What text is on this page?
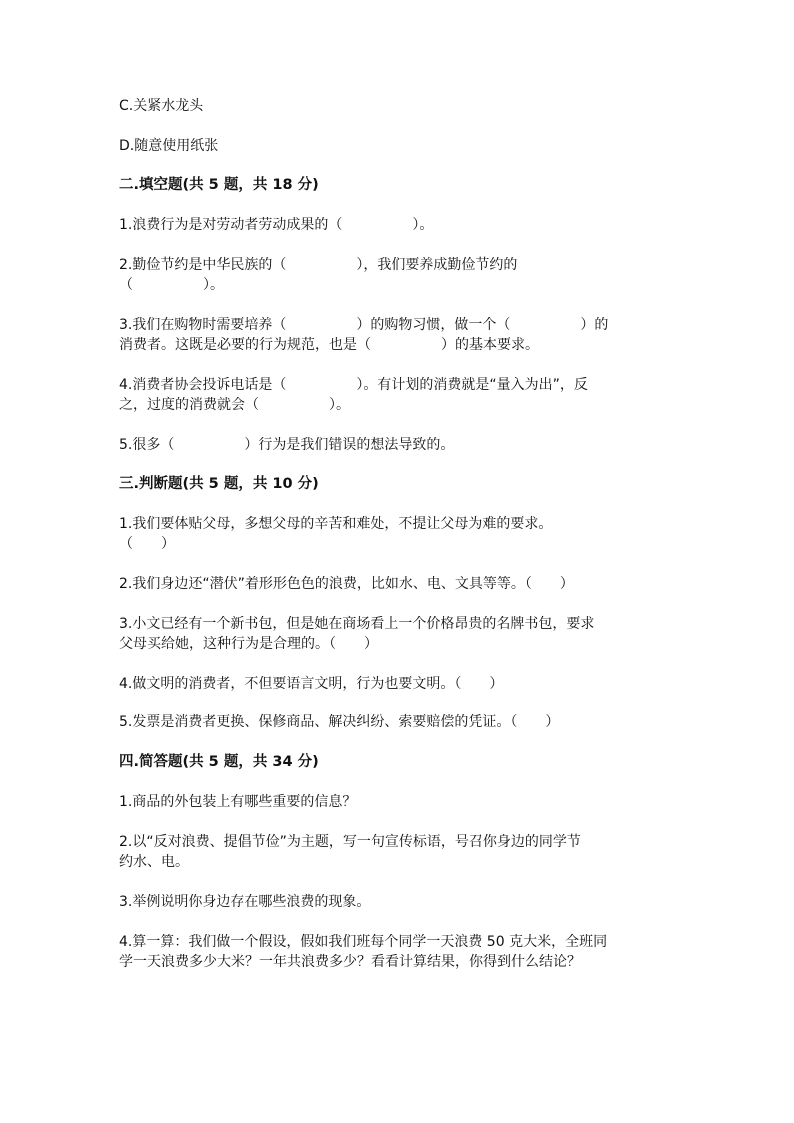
C.关紧水龙头
D.随意使用纸张
二.填空题(共 5 题，共 18 分)
1.浪费行为是对劳动者劳动成果的（　　　　　）。
2.勤俭节约是中华民族的（　　　　　），我们要养成勤俭节约的
（　　　　　）。
3.我们在购物时需要培养（　　　　　）的购物习惯，做一个（　　　　　）的
消费者。这既是必要的行为规范，也是（　　　　　）的基本要求。
4.消费者协会投诉电话是（　　　　　）。有计划的消费就是“量入为出”，反
之，过度的消费就会（　　　　　）。
5.很多（　　　　　）行为是我们错误的想法导致的。
三.判断题(共 5 题，共 10 分)
1.我们要体贴父母，多想父母的辛苦和难处，不提让父母为难的要求。
（　　）
2.我们身边还“潜伏”着形形色色的浪费，比如水、电、文具等等。（　　）
3.小文已经有一个新书包，但是她在商场看上一个价格昂贵的名牌书包，要求
父母买给她，这种行为是合理的。（　　）
4.做文明的消费者，不但要语言文明，行为也要文明。（　　）
5.发票是消费者更换、保修商品、解决纠纷、索要赔偿的凭证。（　　）
四.简答题(共 5 题，共 34 分)
1.商品的外包装上有哪些重要的信息？
2.以“反对浪费、提倡节俭”为主题，写一句宣传标语，号召你身边的同学节
约水、电。
3.举例说明你身边存在哪些浪费的现象。
4.算一算：我们做一个假设，假如我们班每个同学一天浪费 50 克大米，全班同
学一天浪费多少大米？一年共浪费多少？看看计算结果，你得到什么结论？
